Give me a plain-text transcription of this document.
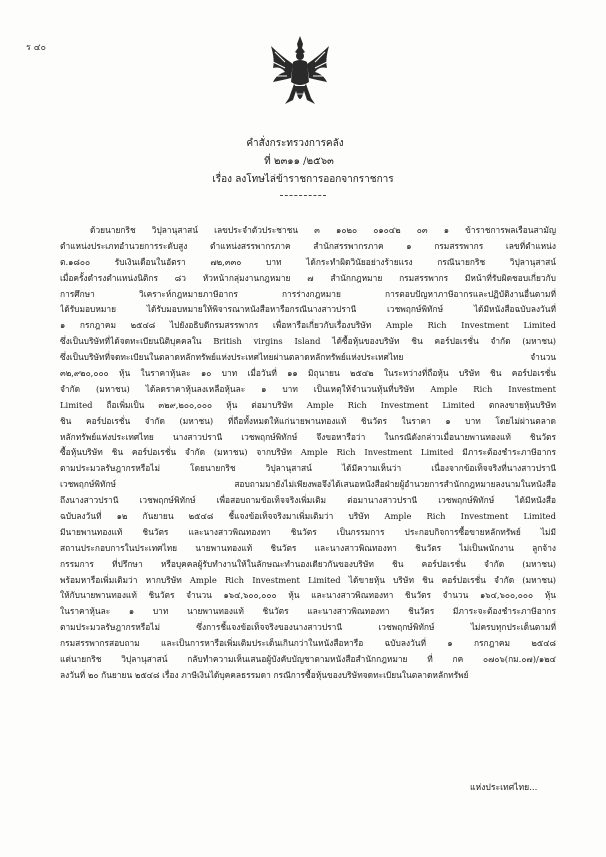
ร ๔๐
คำสั่งกระทรวงการคลัง
ที่ ๒๓๑๑ /๒๕๖๓
เรื่อง ลงโทษไล่ข้าราชการออกจากราชการ
ด้วยนายกริช วิปุลานุสาสน์ เลขประจำตัวประชาชน ๓ ๑๐๒๐ ๐๑๐๔๒ ๐๓ ๑ ข้าราชการพลเรือนสามัญ
ตำแหน่งประเภทอำนวยการระดับสูง ตำแหน่งสรรพากรภาค สำนักสรรพากรภาค ๑ กรมสรรพากร เลขที่ตำแหน่ง
ต.๑๘๐๐ รับเงินเดือนในอัตรา ๗๒,๓๓๐ บาท ได้กระทำผิดวินัยอย่างร้ายแรง กรณีนายกริช วิปุลานุสาสน์
เมื่อครั้งดำรงตำแหน่งนิติกร ๘ว หัวหน้ากลุ่มงานกฎหมาย ๗ สำนักกฎหมาย กรมสรรพากร มีหน้าที่รับผิดชอบเกี่ยวกับ
การศึกษา วิเคราะห์กฎหมายภาษีอากร การร่างกฎหมาย การตอบปัญหาภาษีอากรและปฏิบัติงานอื่นตามที่
ได้รับมอบหมาย ได้รับมอบหมายให้พิจารณาหนังสือหารือกรณีนางสาวปรานี เวชพฤกษ์พิทักษ์ ได้มีหนังสือฉบับลงวันที่
๑ กรกฎาคม ๒๕๔๘ ไปยังอธิบดีกรมสรรพากร เพื่อหารือเกี่ยวกับเรื่องบริษัท Ample Rich Investment Limited
ซึ่งเป็นบริษัทที่ได้จดทะเบียนนิติบุคคลใน British virgins Island ได้ซื้อหุ้นของบริษัท ชิน คอร์ปอเรชั่น จำกัด (มหาชน)
ซึ่งเป็นบริษัทที่จดทะเบียนในตลาดหลักทรัพย์แห่งประเทศไทยผ่านตลาดหลักทรัพย์แห่งประเทศไทย จำนวน
๓๒,๙๒๐,๐๐๐ หุ้น ในราคาหุ้นละ ๑๐ บาท เมื่อวันที่ ๑๑ มิถุนายน ๒๕๔๒ ในระหว่างที่ถือหุ้น บริษัท ชิน คอร์ปอเรชั่น
จำกัด (มหาชน) ได้ลดราคาหุ้นลงเหลือหุ้นละ ๑ บาท เป็นเหตุให้จำนวนหุ้นที่บริษัท Ample Rich Investment
Limited ถือเพิ่มเป็น ๓๒๙,๒๐๐,๐๐๐ หุ้น ต่อมาบริษัท Ample Rich Investment Limited ตกลงขายหุ้นบริษัท
ชิน คอร์ปอเรชั่น จำกัด (มหาชน) ที่ถือทั้งหมดให้แก่นายพานทองแท้ ชินวัตร ในราคา ๑ บาท โดยไม่ผ่านตลาด
หลักทรัพย์แห่งประเทศไทย นางสาวปรานี เวชพฤกษ์พิทักษ์ จึงขอหารือว่า ในกรณีดังกล่าวเมื่อนายพานทองแท้ ชินวัตร
ซื้อหุ้นบริษัท ชิน คอร์ปอเรชั่น จำกัด (มหาชน) จากบริษัท Ample Rich Investment Limited มีภาระต้องชำระภาษีอากร
ตามประมวลรัษฎากรหรือไม่ โดยนายกริช วิปุลานุสาสน์ ได้มีความเห็นว่า เนื่องจากข้อเท็จจริงที่นางสาวปรานี
เวชพฤกษ์พิทักษ์ สอบถามมายังไม่เพียงพอจึงได้เสนอหนังสือฝ่ายผู้อำนวยการสำนักกฎหมายลงนามในหนังสือ
ถึงนางสาวปรานี เวชพฤกษ์พิทักษ์ เพื่อสอบถามข้อเท็จจริงเพิ่มเติม ต่อมานางสาวปรานี เวชพฤกษ์พิทักษ์ ได้มีหนังสือ
ฉบับลงวันที่ ๑๒ กันยายน ๒๕๔๘ ชี้แจงข้อเท็จจริงมาเพิ่มเติมว่า บริษัท Ample Rich Investment Limited
มีนายพานทองแท้ ชินวัตร และนางสาวพิณทองทา ชินวัตร เป็นกรรมการ ประกอบกิจการซื้อขายหลักทรัพย์ ไม่มี
สถานประกอบการในประเทศไทย นายพานทองแท้ ชินวัตร และนางสาวพิณทองทา ชินวัตร ไม่เป็นพนักงาน ลูกจ้าง
กรรมการ ที่ปรึกษา หรือบุคคลผู้รับทำงานให้ในลักษณะทำนองเดียวกันของบริษัท ชิน คอร์ปอเรชั่น จำกัด (มหาชน)
พร้อมหารือเพิ่มเติมว่า หากบริษัท Ample Rich Investment Limited ได้ขายหุ้น บริษัท ชิน คอร์ปอเรชั่น จำกัด (มหาชน)
ให้กับนายพานทองแท้ ชินวัตร จำนวน ๑๖๔,๖๐๐,๐๐๐ หุ้น และนางสาวพิณทองทา ชินวัตร จำนวน ๑๖๔,๖๐๐,๐๐๐ หุ้น
ในราคาหุ้นละ ๑ บาท นายพานทองแท้ ชินวัตร และนางสาวพิณทองทา ชินวัตร มีภาระจะต้องชำระภาษีอากร
ตามประมวลรัษฎากรหรือไม่ ซึ่งการชี้แจงข้อเท็จจริงของนางสาวปรานี เวชพฤกษ์พิทักษ์ ไม่ครบทุกประเด็นตามที่
กรมสรรพากรสอบถาม และเป็นการหารือเพิ่มเติมประเด็นเกินกว่าในหนังสือหารือ ฉบับลงวันที่ ๑ กรกฎาคม ๒๕๔๘
แต่นายกริช วิปุลานุสาสน์ กลับทำความเห็นเสนอผู้บังคับบัญชาตามหนังสือสำนักกฎหมาย ที่ กค ๐๗๐๖(กม.๐๗)/๑๒๔
ลงวันที่ ๒๐ กันยายน ๒๕๔๘ เรื่อง ภาษีเงินได้บุคคลธรรมดา กรณีการซื้อหุ้นของบริษัทจดทะเบียนในตลาดหลักทรัพย์
แห่งประเทศไทย...
